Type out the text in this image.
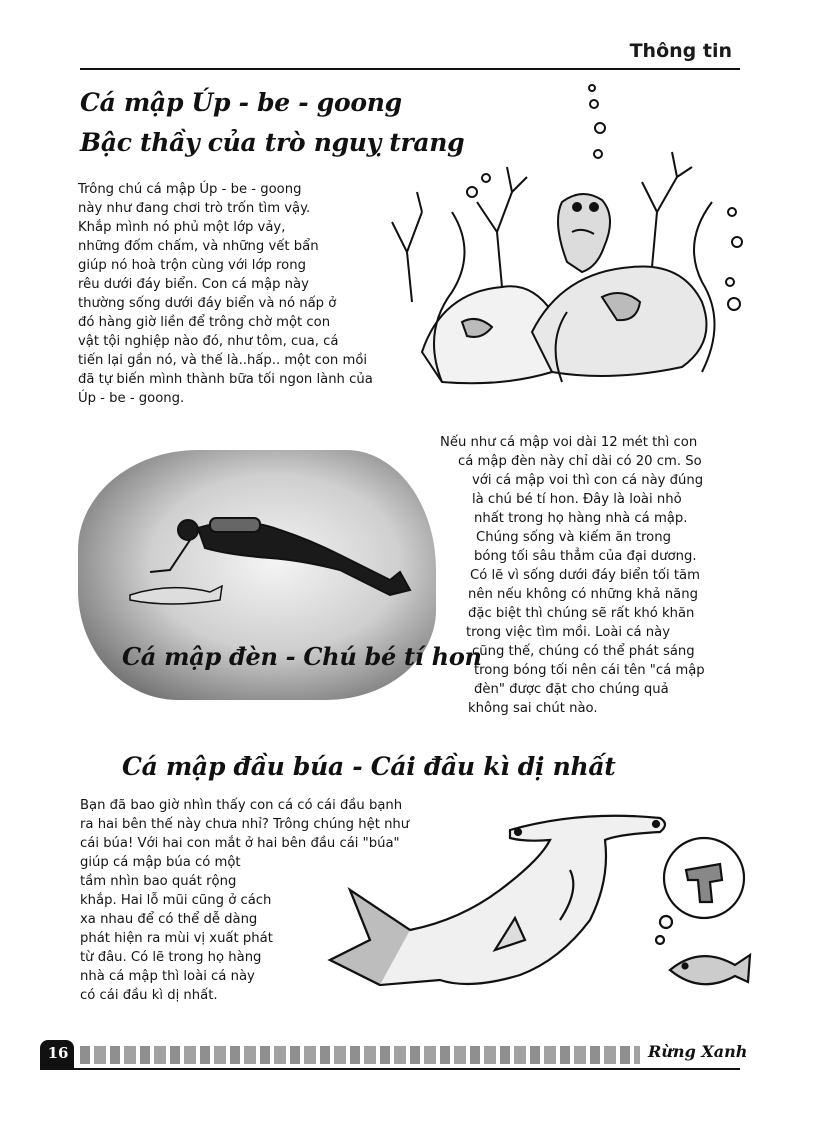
Thông tin
Cá mập Úp - be - goong
Bậc thầy của trò nguỵ trang
Trông chú cá mập Úp - be - goong
này như đang chơi trò trốn tìm vậy.
Khắp mình nó phủ một lớp vảy,
những đốm chấm, và những vết bẩn
giúp nó hoà trộn cùng với lớp rong
rêu dưới đáy biển. Con cá mập này
thường sống dưới đáy biển và nó nấp ở
đó hàng giờ liền để trông chờ một con
vật tội nghiệp nào đó, như tôm, cua, cá
tiến lại gần nó, và thế là..hấp.. một con mồi
đã tự biến mình thành bữa tối ngon lành của
Úp - be - goong.
Cá mập đèn - Chú bé tí hon
Nếu như cá mập voi dài 12 mét thì con
cá mập đèn này chỉ dài có 20 cm. So
với cá mập voi thì con cá này đúng
là chú bé tí hon. Đây là loài nhỏ
nhất trong họ hàng nhà cá mập.
Chúng sống và kiếm ăn trong
bóng tối sâu thẳm của đại dương.
Có lẽ vì sống dưới đáy biển tối tăm
nên nếu không có những khả năng
đặc biệt thì chúng sẽ rất khó khăn
trong việc tìm mồi. Loài cá này
cũng thế, chúng có thể phát sáng
trong bóng tối nên cái tên "cá mập
đèn" được đặt cho chúng quả
không sai chút nào.
Cá mập đầu búa - Cái đầu kì dị nhất
Bạn đã bao giờ nhìn thấy con cá có cái đầu bạnh
ra hai bên thế này chưa nhỉ? Trông chúng hệt như
cái búa! Với hai con mắt ở hai bên đầu cái "búa"
giúp cá mập búa có một
tầm nhìn bao quát rộng
khắp. Hai lỗ mũi cũng ở cách
xa nhau để có thể dễ dàng
phát hiện ra mùi vị xuất phát
từ đâu. Có lẽ trong họ hàng
nhà cá mập thì loài cá này
có cái đầu kì dị nhất.
16	Rừng Xanh
